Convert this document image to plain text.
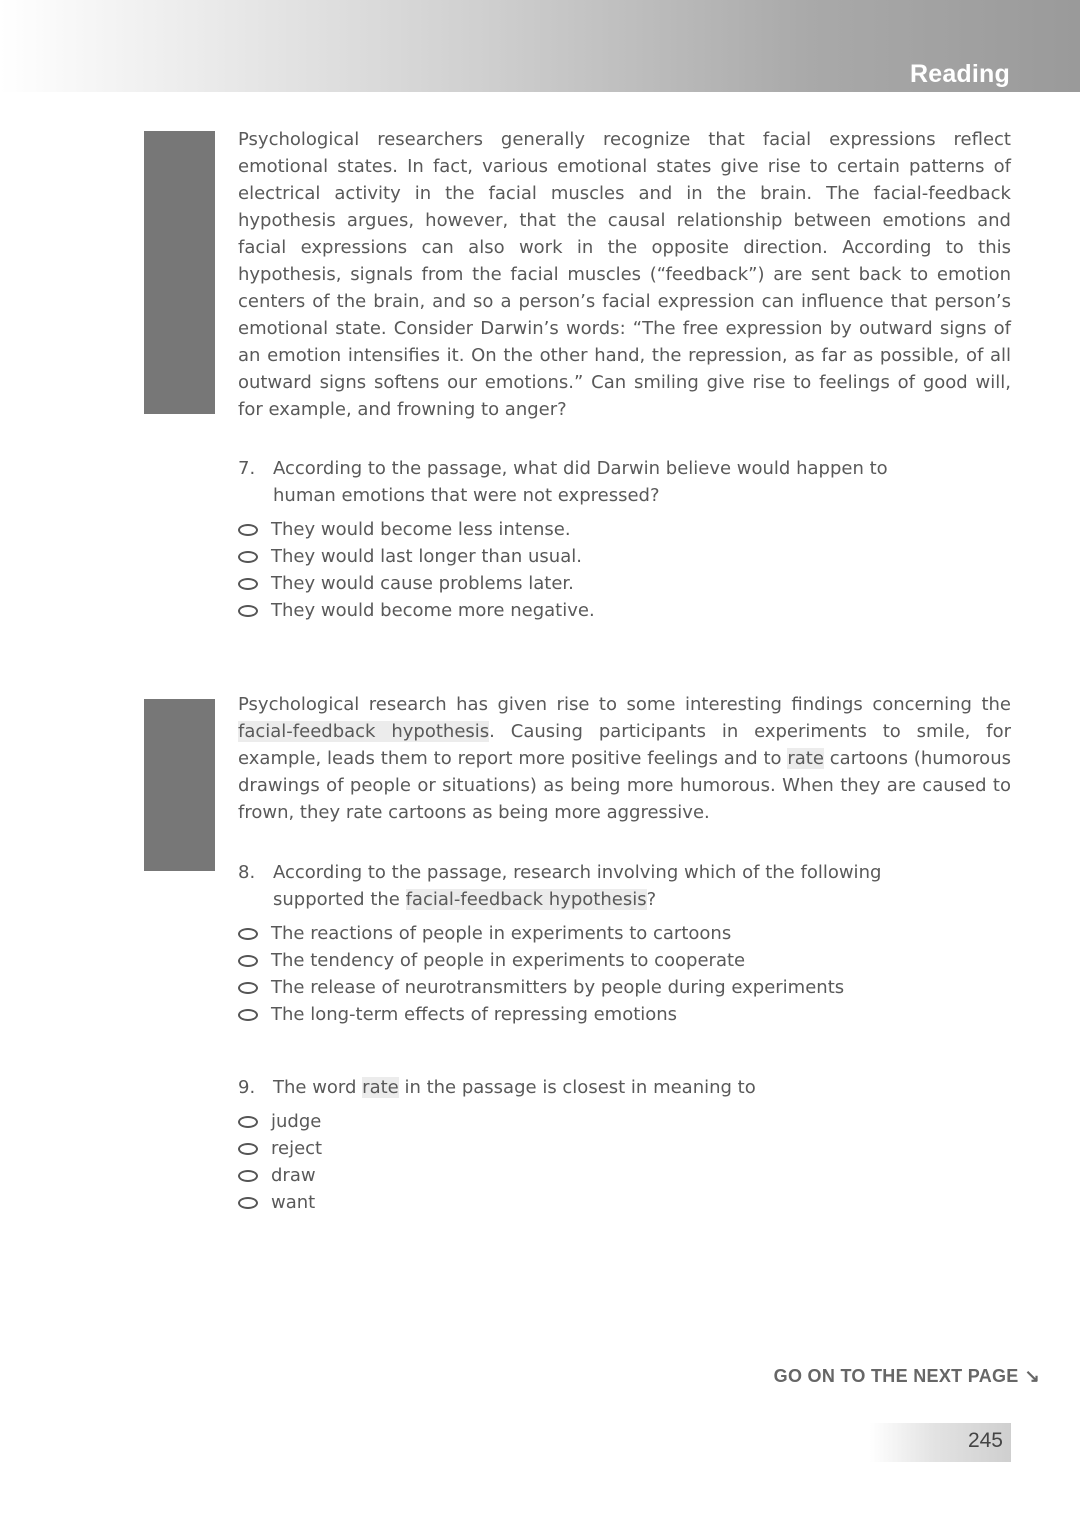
Reading

Psychological researchers generally recognize that facial expressions reflect emotional states. In fact, various emotional states give rise to certain patterns of electrical activity in the facial muscles and in the brain. The facial-feedback hypothesis argues, however, that the causal relationship between emotions and facial expressions can also work in the opposite direction. According to this hypothesis, signals from the facial muscles (“feedback”) are sent back to emotion centers of the brain, and so a person’s facial expression can influence that person’s emotional state. Consider Darwin’s words: “The free expression by outward signs of an emotion intensifies it. On the other hand, the repression, as far as possible, of all outward signs softens our emotions.” Can smiling give rise to feelings of good will, for example, and frowning to anger?

7. According to the passage, what did Darwin believe would happen to human emotions that were not expressed?
They would become less intense.
They would last longer than usual.
They would cause problems later.
They would become more negative.

Psychological research has given rise to some interesting findings concerning the facial-feedback hypothesis. Causing participants in experiments to smile, for example, leads them to report more positive feelings and to rate cartoons (humorous drawings of people or situations) as being more humorous. When they are caused to frown, they rate cartoons as being more aggressive.

8. According to the passage, research involving which of the following supported the facial-feedback hypothesis?
The reactions of people in experiments to cartoons
The tendency of people in experiments to cooperate
The release of neurotransmitters by people during experiments
The long-term effects of repressing emotions
9. The word rate in the passage is closest in meaning to
judge
reject
draw
want
GO ON TO THE NEXT PAGE ↘
245
